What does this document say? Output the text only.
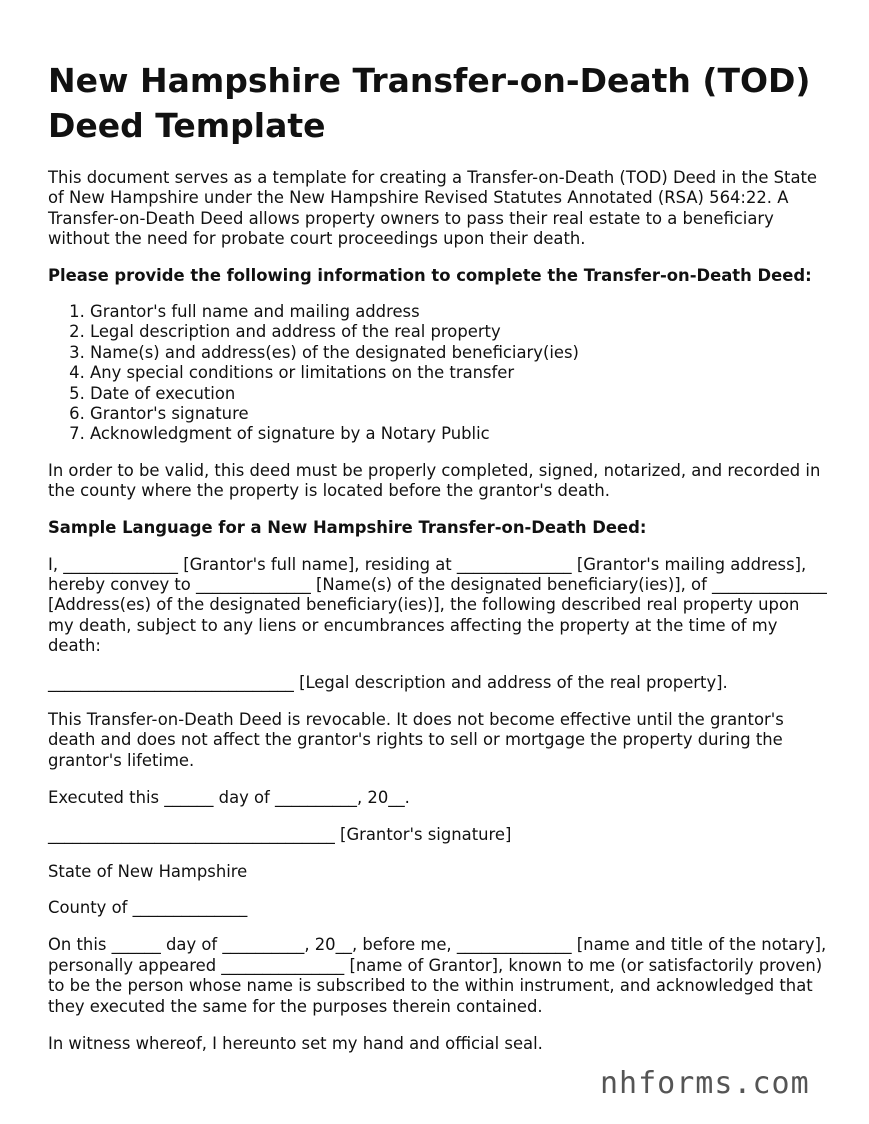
New Hampshire Transfer-on-Death (TOD) Deed Template

This document serves as a template for creating a Transfer-on-Death (TOD) Deed in the State of New Hampshire under the New Hampshire Revised Statutes Annotated (RSA) 564:22. A Transfer-on-Death Deed allows property owners to pass their real estate to a beneficiary without the need for probate court proceedings upon their death.

Please provide the following information to complete the Transfer-on-Death Deed:

1. Grantor's full name and mailing address
2. Legal description and address of the real property
3. Name(s) and address(es) of the designated beneficiary(ies)
4. Any special conditions or limitations on the transfer
5. Date of execution
6. Grantor's signature
7. Acknowledgment of signature by a Notary Public

In order to be valid, this deed must be properly completed, signed, notarized, and recorded in the county where the property is located before the grantor's death.

Sample Language for a New Hampshire Transfer-on-Death Deed:

I, ______________ [Grantor's full name], residing at ______________ [Grantor's mailing address], hereby convey to ______________ [Name(s) of the designated beneficiary(ies)], of ______________ [Address(es) of the designated beneficiary(ies)], the following described real property upon my death, subject to any liens or encumbrances affecting the property at the time of my death:

______________________________ [Legal description and address of the real property].

This Transfer-on-Death Deed is revocable. It does not become effective until the grantor's death and does not affect the grantor's rights to sell or mortgage the property during the grantor's lifetime.

Executed this ______ day of __________, 20__.

___________________________________ [Grantor's signature]

State of New Hampshire

County of ______________

On this ______ day of __________, 20__, before me, ______________ [name and title of the notary], personally appeared _______________ [name of Grantor], known to me (or satisfactorily proven) to be the person whose name is subscribed to the within instrument, and acknowledged that they executed the same for the purposes therein contained.

In witness whereof, I hereunto set my hand and official seal.

nhforms.com
